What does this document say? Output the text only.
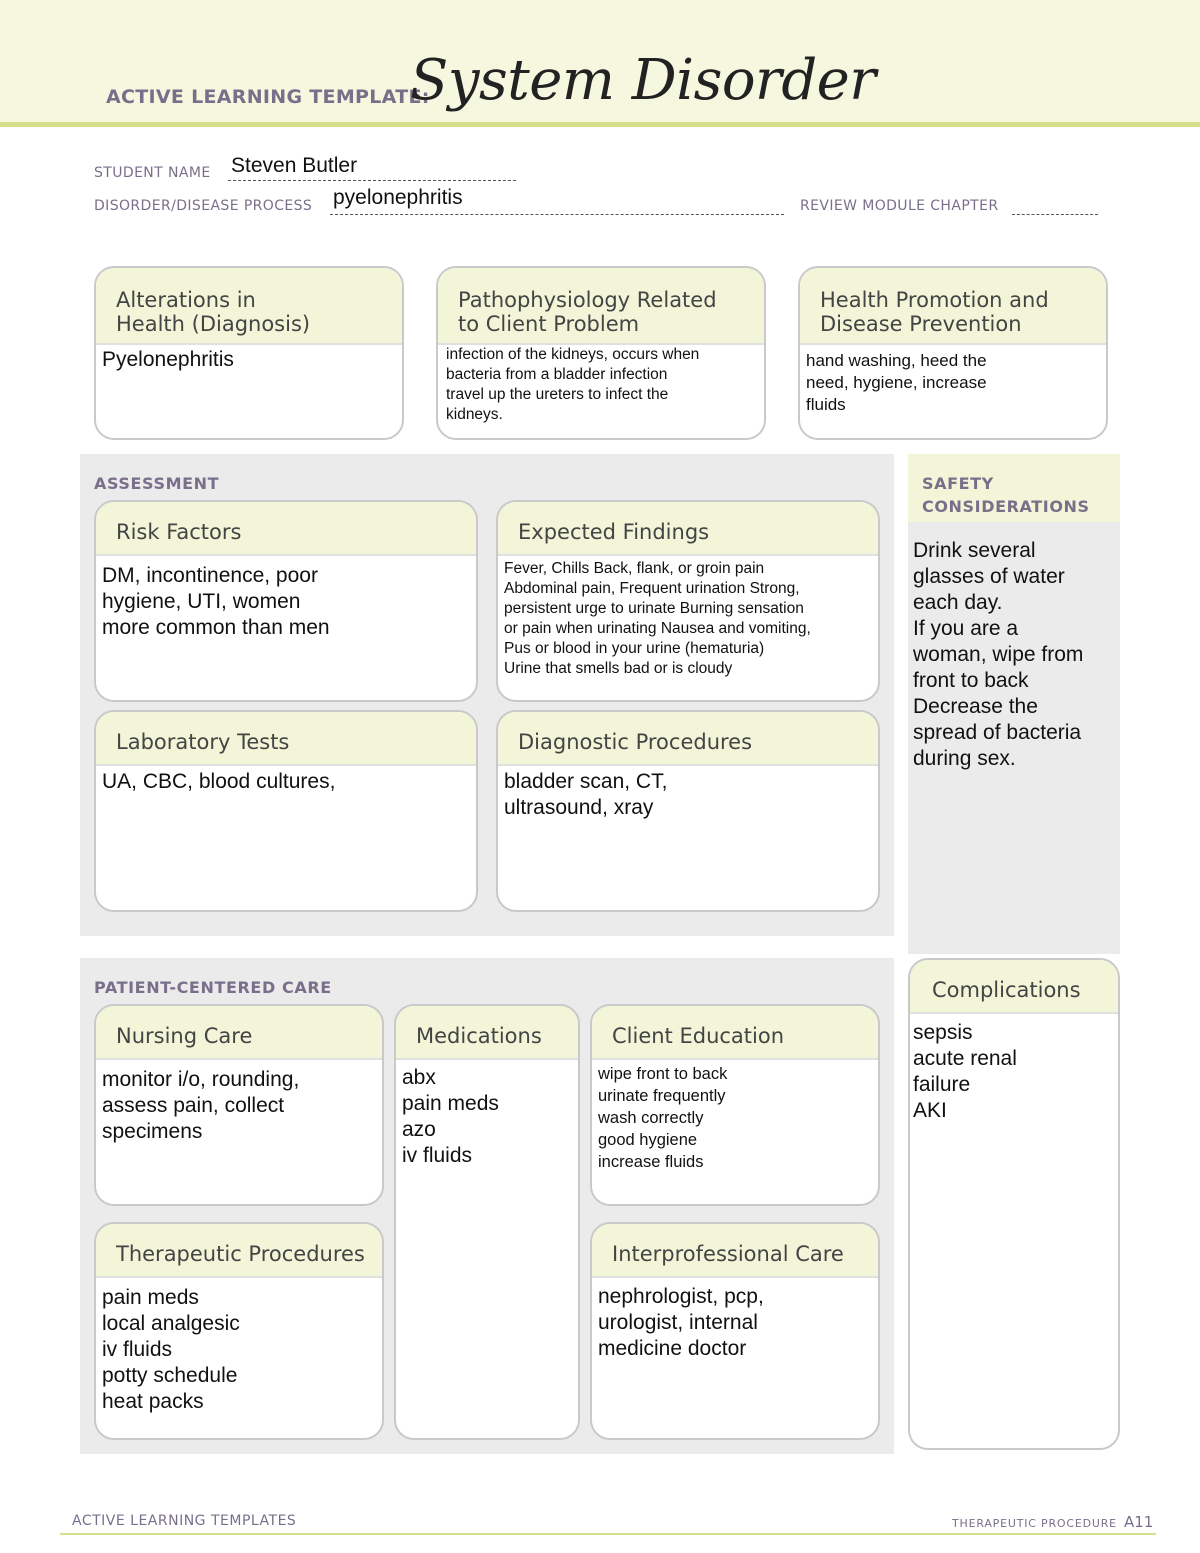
ACTIVE LEARNING TEMPLATE:
System Disorder
STUDENT NAME Steven Butler
DISORDER/DISEASE PROCESS pyelonephritis	REVIEW MODULE CHAPTER
Alterations in
Health (Diagnosis)
Pyelonephritis
Pathophysiology Related
to Client Problem
infection of the kidneys, occurs when
bacteria from a bladder infection
travel up the ureters to infect the
kidneys.
Health Promotion and
Disease Prevention
hand washing, heed the
need, hygiene, increase
fluids
ASSESSMENT
Risk Factors
DM, incontinence, poor
hygiene, UTI, women
more common than men
Expected Findings
Fever, Chills Back, flank, or groin pain
Abdominal pain, Frequent urination Strong,
persistent urge to urinate Burning sensation
or pain when urinating Nausea and vomiting,
Pus or blood in your urine (hematuria)
Urine that smells bad or is cloudy
Laboratory Tests
UA, CBC, blood cultures,
Diagnostic Procedures
bladder scan, CT,
ultrasound, xray
SAFETY
CONSIDERATIONS
Drink several
glasses of water
each day.
If you are a
woman, wipe from
front to back
Decrease the
spread of bacteria
during sex.
PATIENT-CENTERED CARE
Nursing Care
monitor i/o, rounding,
assess pain, collect
specimens
Medications
abx
pain meds
azo
iv fluids
Client Education
wipe front to back
urinate frequently
wash correctly
good hygiene
increase fluids
Therapeutic Procedures
pain meds
local analgesic
iv fluids
potty schedule
heat packs
Interprofessional Care
nephrologist, pcp,
urologist, internal
medicine doctor
Complications
sepsis
acute renal
failure
AKI
ACTIVE LEARNING TEMPLATES	THERAPEUTIC PROCEDURE A11
